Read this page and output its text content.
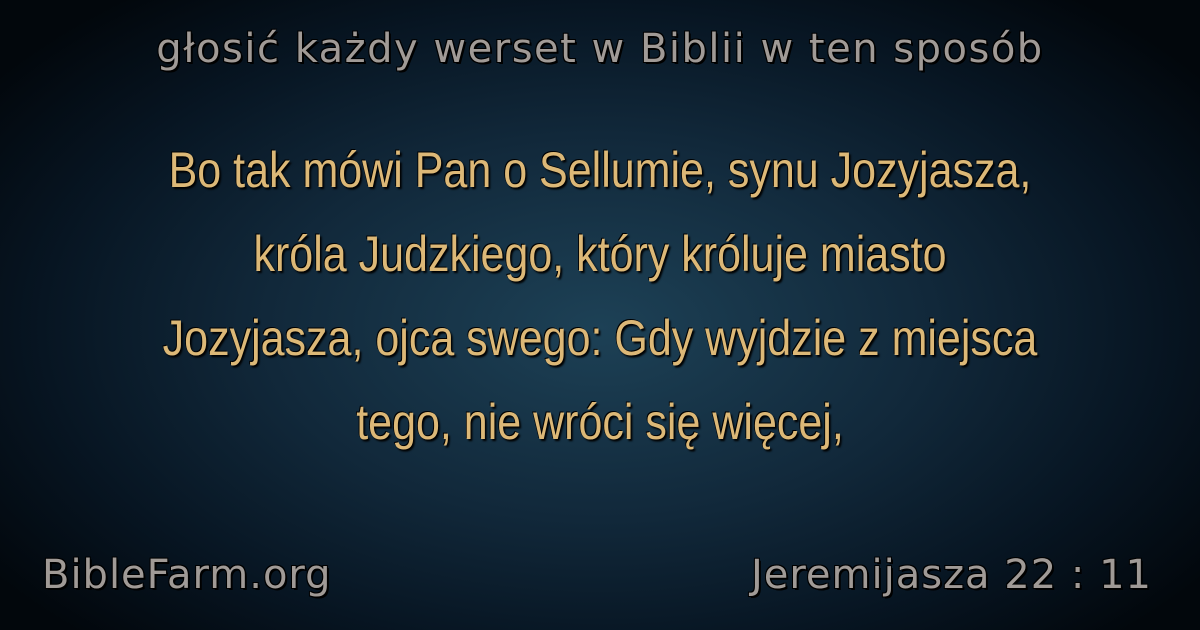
głosić każdy werset w Biblii w ten sposób
Bo tak mówi Pan o Sellumie, synu Jozyjasza,
króla Judzkiego, który króluje miasto
Jozyjasza, ojca swego: Gdy wyjdzie z miejsca
tego, nie wróci się więcej,
BibleFarm.org	Jeremijasza 22 : 11
